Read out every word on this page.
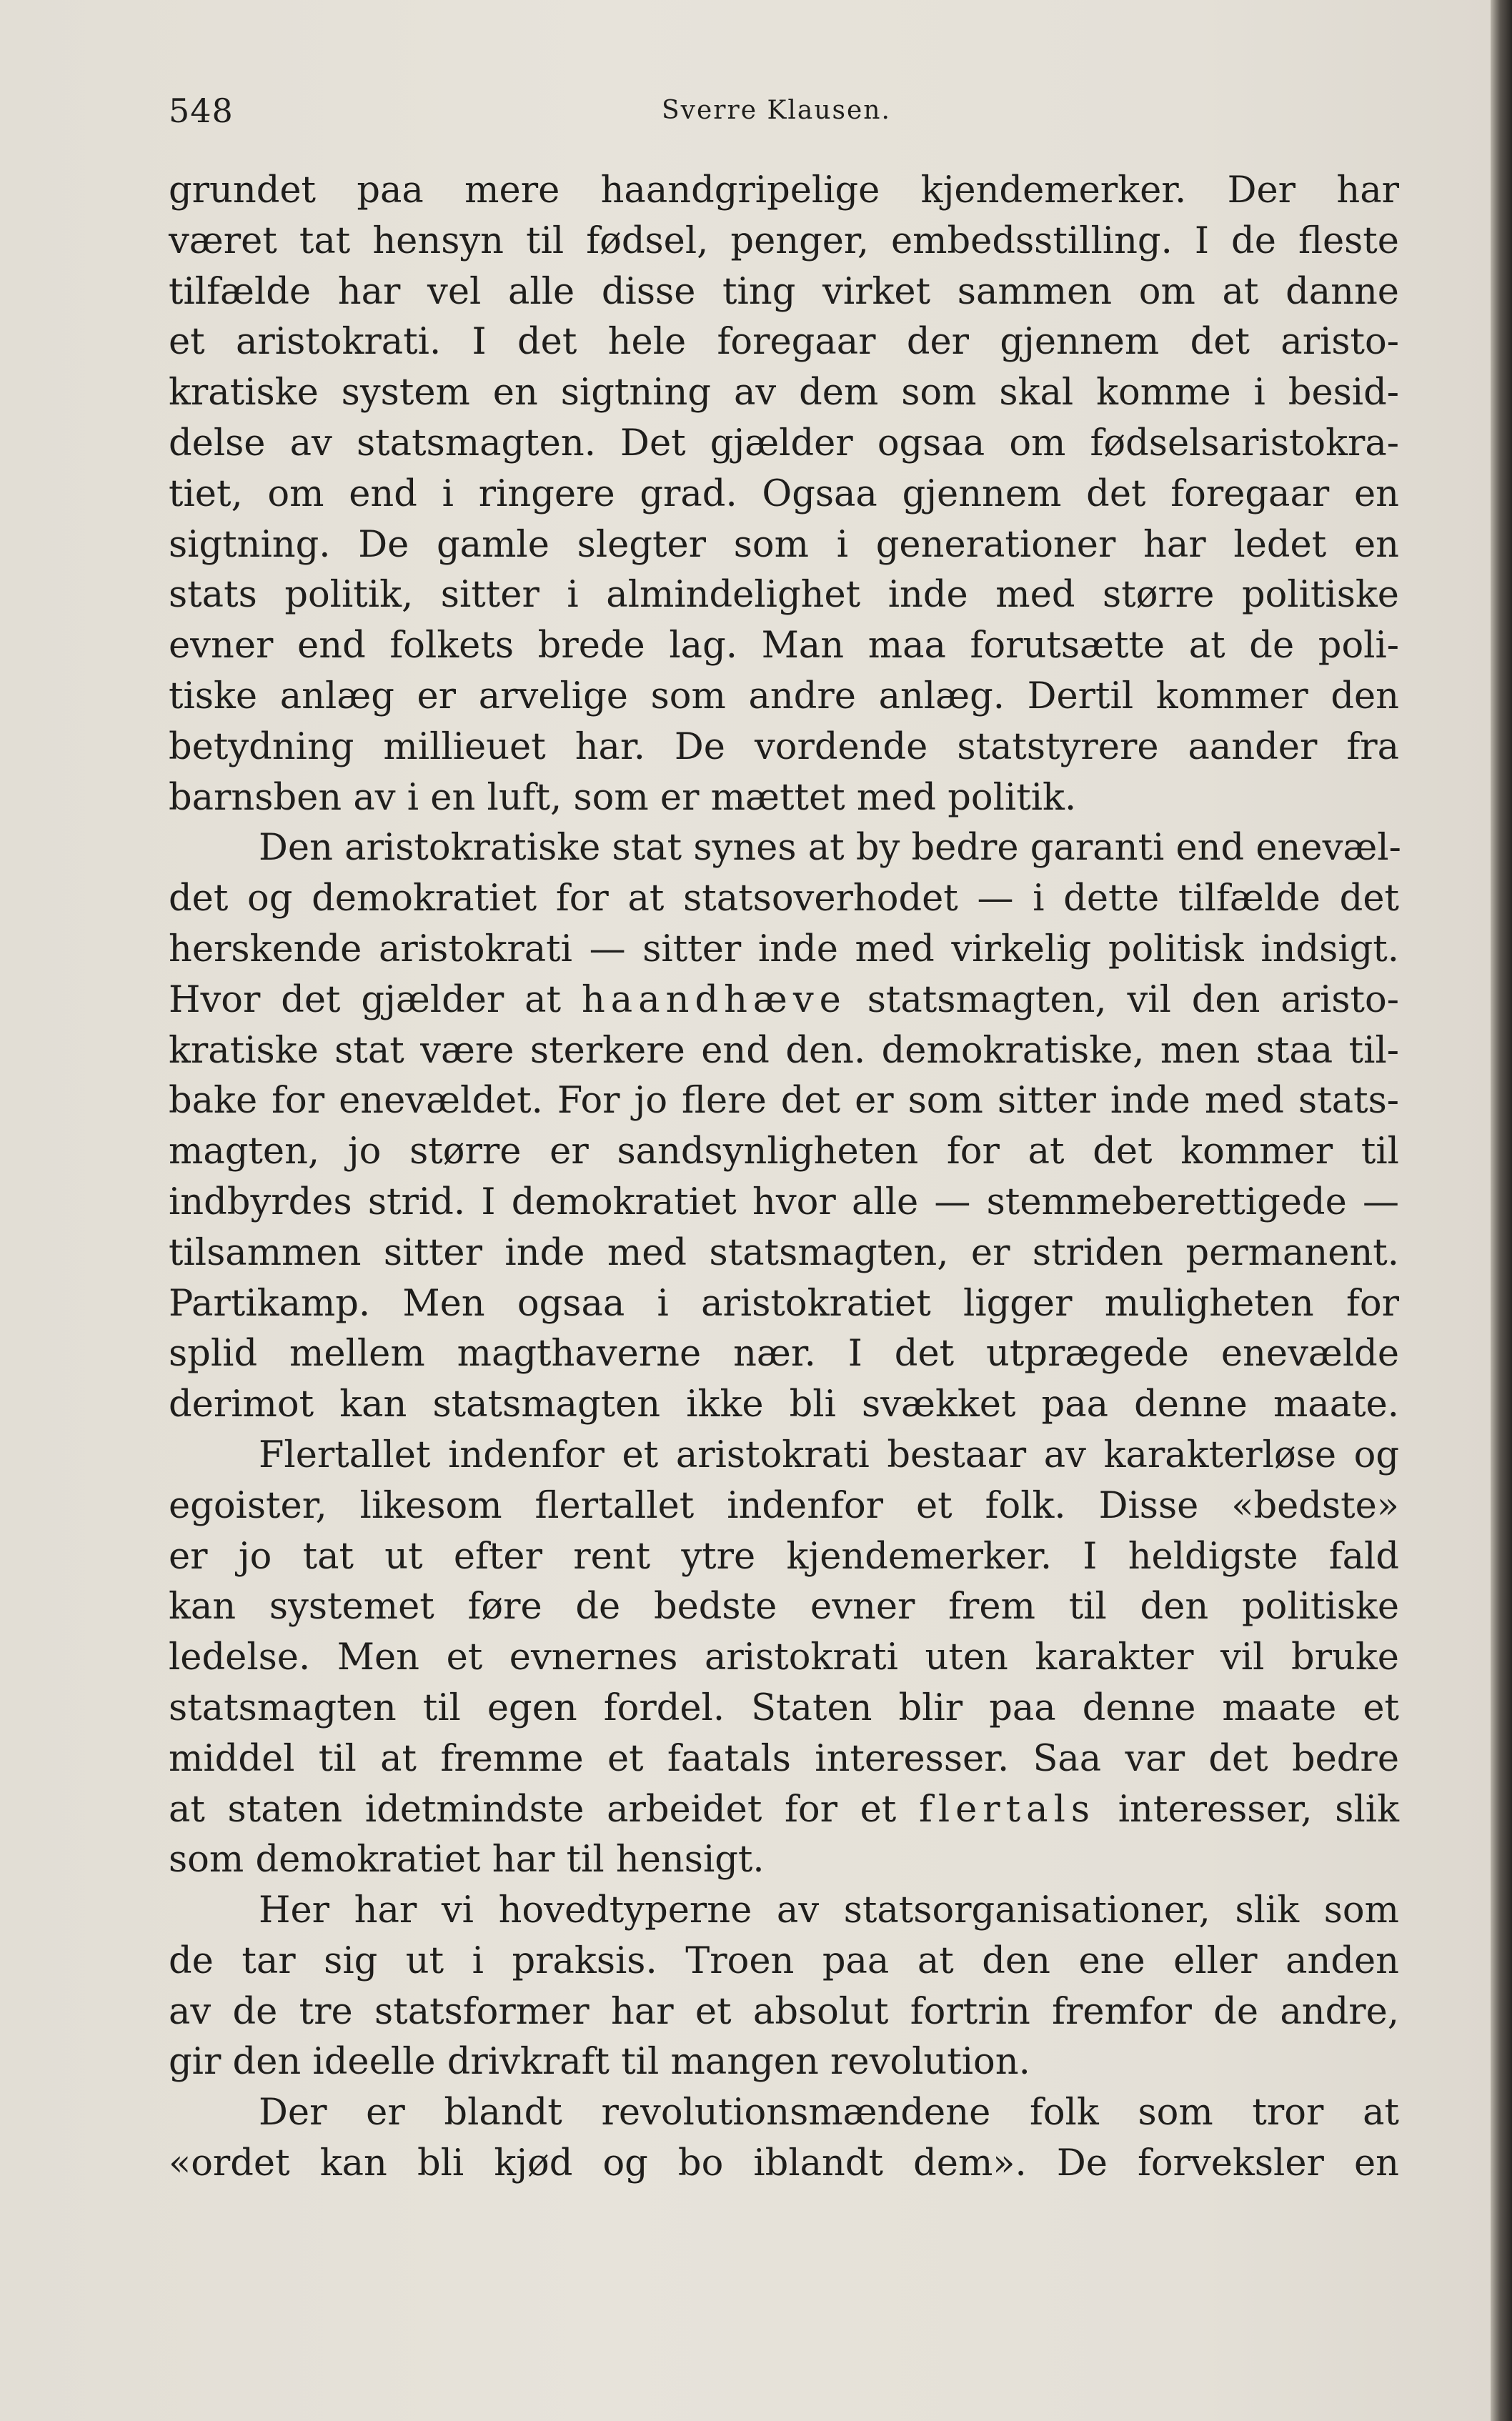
548	Sverre Klausen.
grundet paa mere haandgripelige kjendemerker. Der har
været tat hensyn til fødsel, penger, embedsstilling. I de fleste
tilfælde har vel alle disse ting virket sammen om at danne
et aristokrati. I det hele foregaar der gjennem det aristo-
kratiske system en sigtning av dem som skal komme i besid-
delse av statsmagten. Det gjælder ogsaa om fødselsaristokra-
tiet, om end i ringere grad. Ogsaa gjennem det foregaar en
sigtning. De gamle slegter som i generationer har ledet en
stats politik, sitter i almindelighet inde med større politiske
evner end folkets brede lag. Man maa forutsætte at de poli-
tiske anlæg er arvelige som andre anlæg. Dertil kommer den
betydning millieuet har. De vordende statstyrere aander fra
barnsben av i en luft, som er mættet med politik.
Den aristokratiske stat synes at by bedre garanti end enevæl-
det og demokratiet for at statsoverhodet — i dette tilfælde det
herskende aristokrati — sitter inde med virkelig politisk indsigt.
Hvor det gjælder at haandhæve statsmagten, vil den aristo-
kratiske stat være sterkere end den. demokratiske, men staa til-
bake for enevældet. For jo flere det er som sitter inde med stats-
magten, jo større er sandsynligheten for at det kommer til
indbyrdes strid. I demokratiet hvor alle — stemmeberettigede —
tilsammen sitter inde med statsmagten, er striden permanent.
Partikamp. Men ogsaa i aristokratiet ligger muligheten for
splid mellem magthaverne nær. I det utprægede enevælde
derimot kan statsmagten ikke bli svækket paa denne maate.
Flertallet indenfor et aristokrati bestaar av karakterløse og
egoister, likesom flertallet indenfor et folk. Disse «bedste»
er jo tat ut efter rent ytre kjendemerker. I heldigste fald
kan systemet føre de bedste evner frem til den politiske
ledelse. Men et evnernes aristokrati uten karakter vil bruke
statsmagten til egen fordel. Staten blir paa denne maate et
middel til at fremme et faatals interesser. Saa var det bedre
at staten idetmindste arbeidet for et flertals interesser, slik
som demokratiet har til hensigt.
Her har vi hovedtyperne av statsorganisationer, slik som
de tar sig ut i praksis. Troen paa at den ene eller anden
av de tre statsformer har et absolut fortrin fremfor de andre,
gir den ideelle drivkraft til mangen revolution.
Der er blandt revolutionsmændene folk som tror at
«ordet kan bli kjød og bo iblandt dem». De forveksler en
